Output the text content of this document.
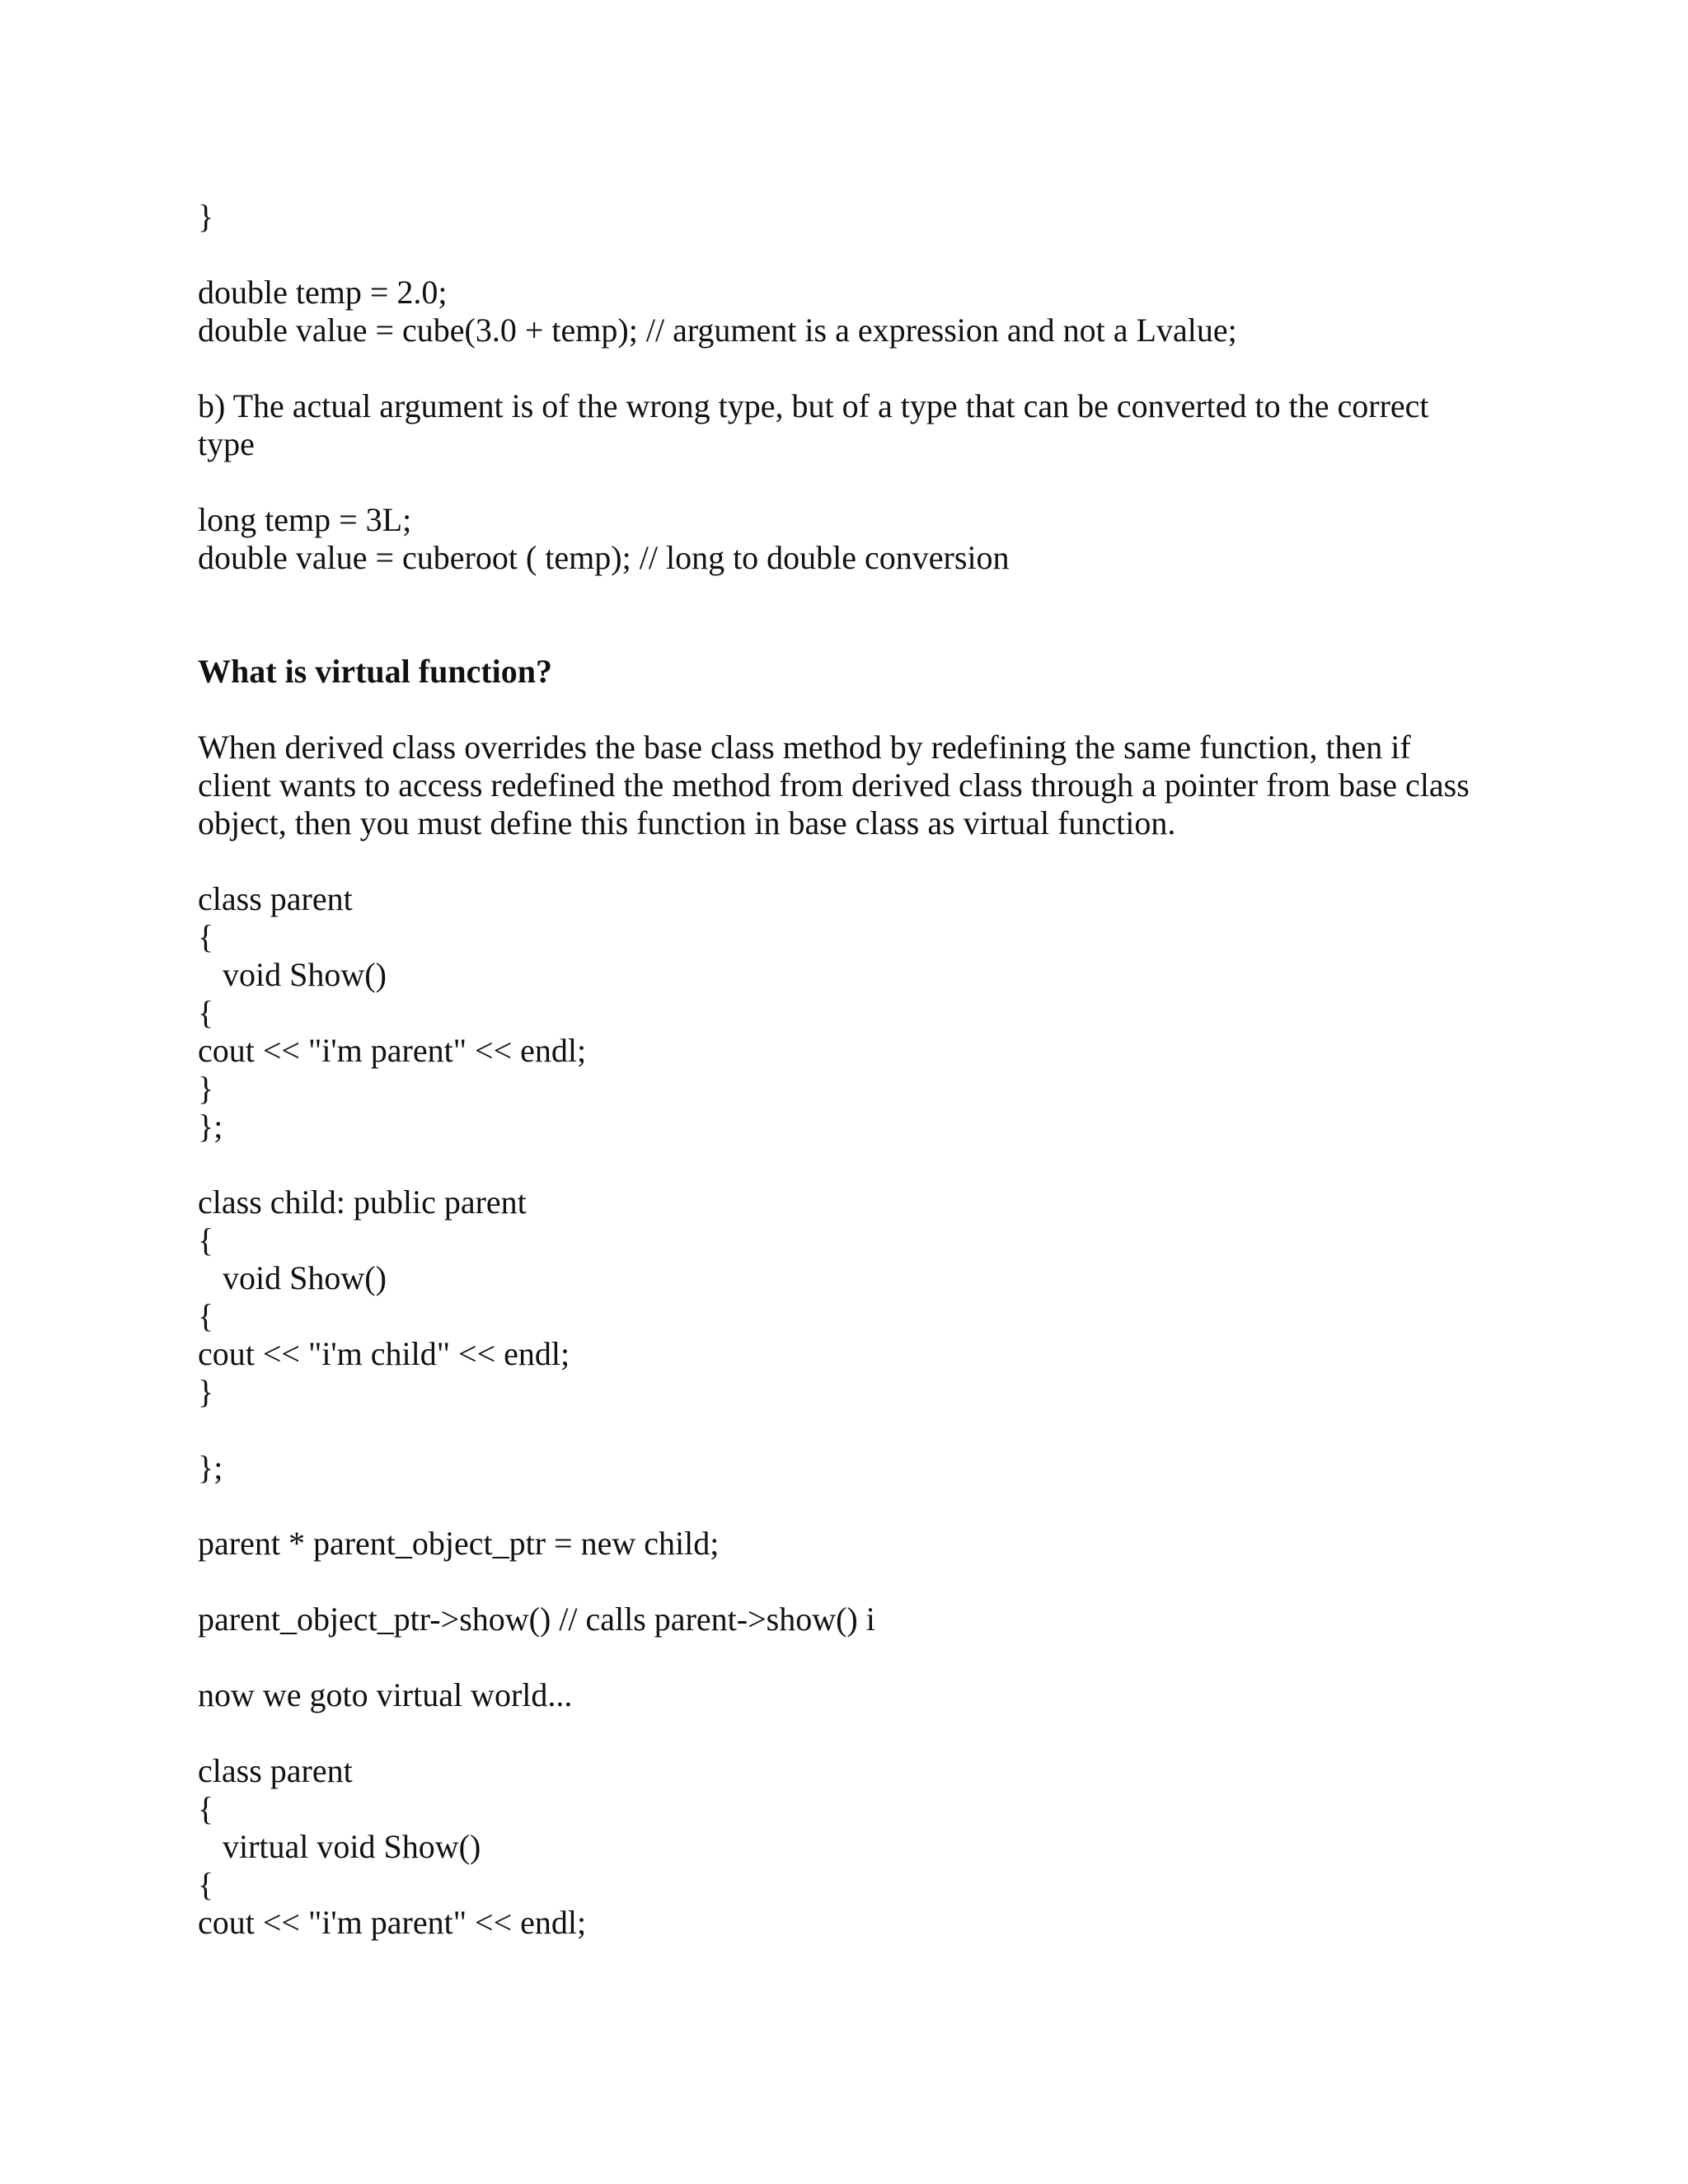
}

double temp = 2.0;

double value = cube(3.0 + temp); // argument is a expression and not a Lvalue;

b) The actual argument is of the wrong type, but of a type that can be converted to the correct

type

long temp = 3L;

double value = cuberoot ( temp); // long to double conversion

What is virtual function?

When derived class overrides the base class method by redefining the same function, then if

client wants to access redefined the method from derived class through a pointer from base class

object, then you must define this function in base class as virtual function.

class parent

{

void Show()

{

cout << "i'm parent" << endl;

}

};

class child: public parent

{

void Show()

{

cout << "i'm child" << endl;

}

};

parent * parent_object_ptr = new child;

parent_object_ptr->show() // calls parent->show() i

now we goto virtual world...

class parent

{

virtual void Show()

{

cout << "i'm parent" << endl;
